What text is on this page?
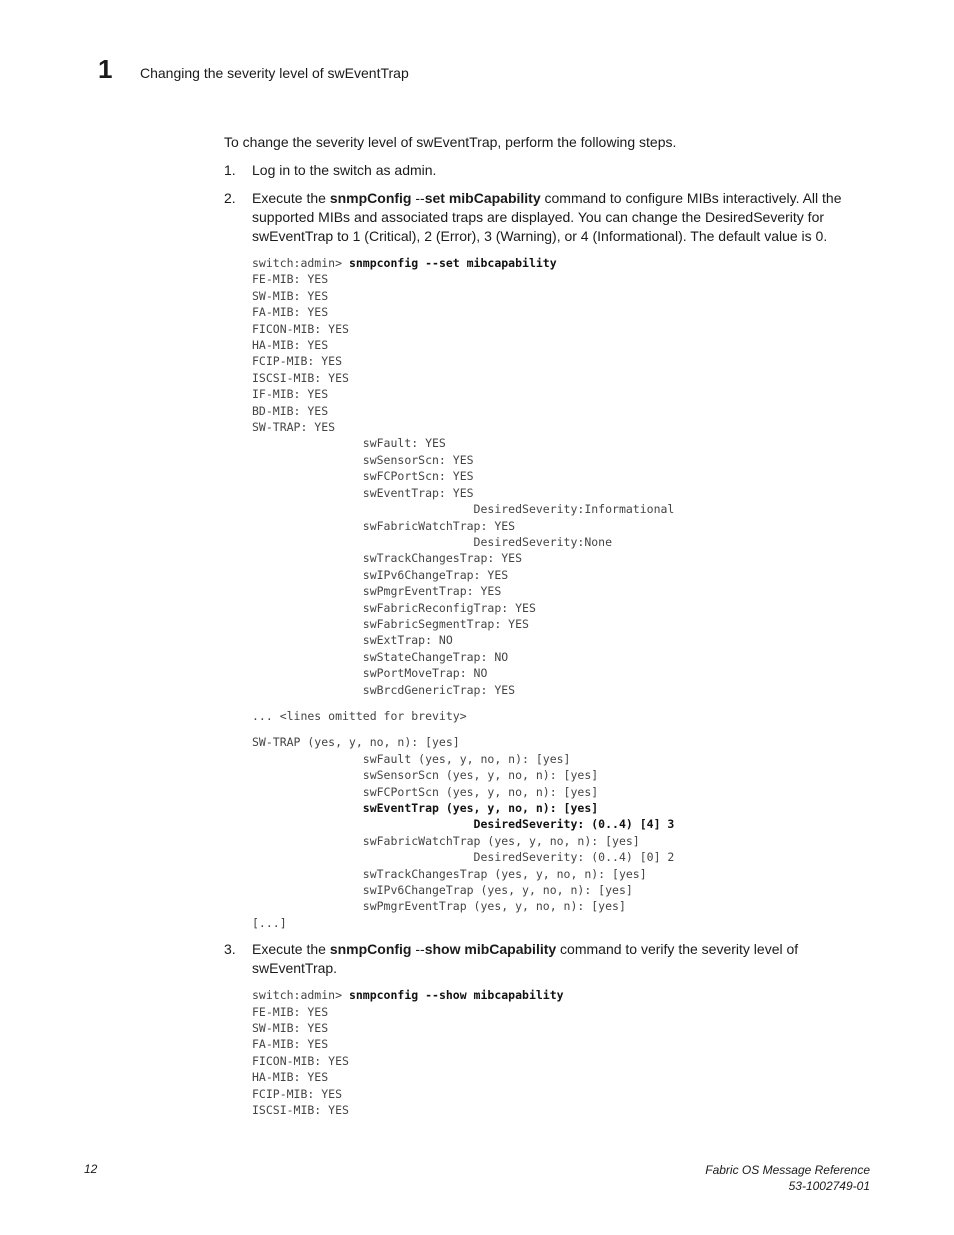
1 Changing the severity level of swEventTrap

To change the severity level of swEventTrap, perform the following steps.

1. Log in to the switch as admin.
2. Execute the snmpConfig --set mibCapability command to configure MIBs interactively. All the supported MIBs and associated traps are displayed. You can change the DesiredSeverity for swEventTrap to 1 (Critical), 2 (Error), 3 (Warning), or 4 (Informational). The default value is 0.
switch:admin> snmpconfig --set mibcapability
FE-MIB: YES
SW-MIB: YES
FA-MIB: YES
FICON-MIB: YES
HA-MIB: YES
FCIP-MIB: YES
ISCSI-MIB: YES
IF-MIB: YES
BD-MIB: YES
SW-TRAP: YES
swFault: YES
swSensorScn: YES
swFCPortScn: YES
swEventTrap: YES
DesiredSeverity:Informational
swFabricWatchTrap: YES
DesiredSeverity:None
swTrackChangesTrap: YES
swIPv6ChangeTrap: YES
swPmgrEventTrap: YES
swFabricReconfigTrap: YES
swFabricSegmentTrap: YES
swExtTrap: NO
swStateChangeTrap: NO
swPortMoveTrap: NO
swBrcdGenericTrap: YES
... <lines omitted for brevity>
SW-TRAP (yes, y, no, n): [yes]
swFault (yes, y, no, n): [yes]
swSensorScn (yes, y, no, n): [yes]
swFCPortScn (yes, y, no, n): [yes]
swEventTrap (yes, y, no, n): [yes]
DesiredSeverity: (0..4) [4] 3
swFabricWatchTrap (yes, y, no, n): [yes]
DesiredSeverity: (0..4) [0] 2
swTrackChangesTrap (yes, y, no, n): [yes]
swIPv6ChangeTrap (yes, y, no, n): [yes]
swPmgrEventTrap (yes, y, no, n): [yes]
[...]
3. Execute the snmpConfig --show mibCapability command to verify the severity level of swEventTrap.
switch:admin> snmpconfig --show mibcapability
FE-MIB: YES
SW-MIB: YES
FA-MIB: YES
FICON-MIB: YES
HA-MIB: YES
FCIP-MIB: YES
ISCSI-MIB: YES
12	Fabric OS Message Reference
53-1002749-01
